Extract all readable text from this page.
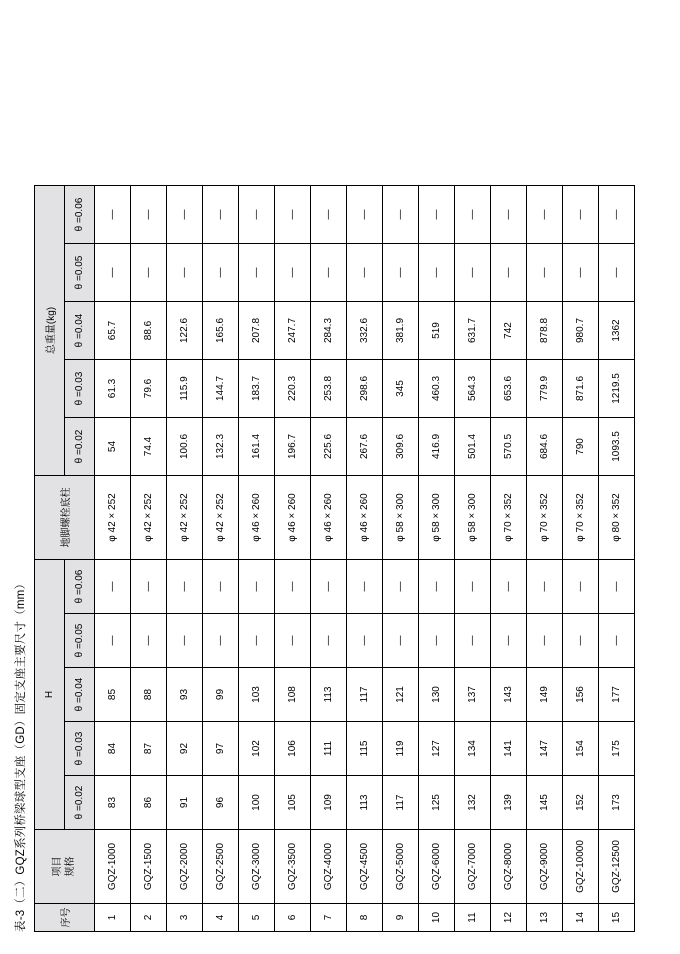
表-3（二）GQZ系列桥梁球型支座（GD）固定支座主要尺寸（mm）	序号	项目 规格	H					地脚螺栓底柱	总重量(kg)				
		θ =0.02	θ =0.03	θ =0.04	θ =0.05	θ =0.06		θ =0.02	θ =0.03	θ =0.04	θ =0.05	θ =0.06
1	GQZ-1000	83	84	85	—	—	φ 42 × 252	54	61.3	65.7	—	—
2	GQZ-1500	86	87	88	—	—	φ 42 × 252	74.4	79.6	88.6	—	—
3	GQZ-2000	91	92	93	—	—	φ 42 × 252	100.6	115.9	122.6	—	—
4	GQZ-2500	96	97	99	—	—	φ 42 × 252	132.3	144.7	165.6	—	—
5	GQZ-3000	100	102	103	—	—	φ 46 × 260	161.4	183.7	207.8	—	—
6	GQZ-3500	105	106	108	—	—	φ 46 × 260	196.7	220.3	247.7	—	—
7	GQZ-4000	109	111	113	—	—	φ 46 × 260	225.6	253.8	284.3	—	—
8	GQZ-4500	113	115	117	—	—	φ 46 × 260	267.6	298.6	332.6	—	—
9	GQZ-5000	117	119	121	—	—	φ 58 × 300	309.6	345	381.9	—	—
10	GQZ-6000	125	127	130	—	—	φ 58 × 300	416.9	460.3	519	—	—
11	GQZ-7000	132	134	137	—	—	φ 58 × 300	501.4	564.3	631.7	—	—
12	GQZ-8000	139	141	143	—	—	φ 70 × 352	570.5	653.6	742	—	—
13	GQZ-9000	145	147	149	—	—	φ 70 × 352	684.6	779.9	878.8	—	—
14	GQZ-10000	152	154	156	—	—	φ 70 × 352	790	871.6	980.7	—	—
15	GQZ-12500	173	175	177	—	—	φ 80 × 352	1093.5	1219.5	1362	—	—
